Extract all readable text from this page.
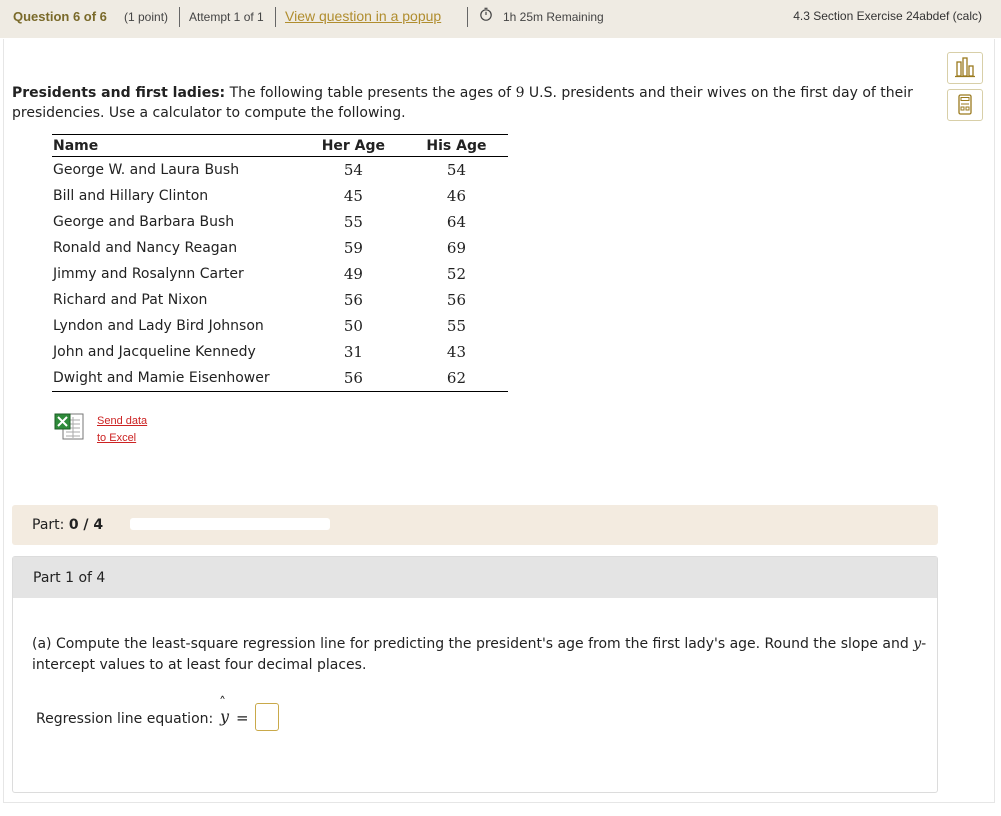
Question 6 of 6 (1 point) Attempt 1 of 1 View question in a popup	1h 25m Remaining	4.3 Section Exercise 24abdef (calc)
Presidents and first ladies: The following table presents the ages of 9 U.S. presidents and their wives on the first day of their presidencies. Use a calculator to compute the following.
Name	Her Age	His Age
George W. and Laura Bush	54	54
Bill and Hillary Clinton	45	46
George and Barbara Bush	55	64
Ronald and Nancy Reagan	59	69
Jimmy and Rosalynn Carter	49	52
Richard and Pat Nixon	56	56
Lyndon and Lady Bird Johnson	50	55
John and Jacqueline Kennedy	31	43
Dwight and Mamie Eisenhower	56	62
Send data
to Excel
Part: 0 / 4
Part 1 of 4
(a) Compute the least-square regression line for predicting the president's age from the first lady's age. Round the slope and y-intercept values to at least four decimal places.
Regression line equation:
˄
y =
